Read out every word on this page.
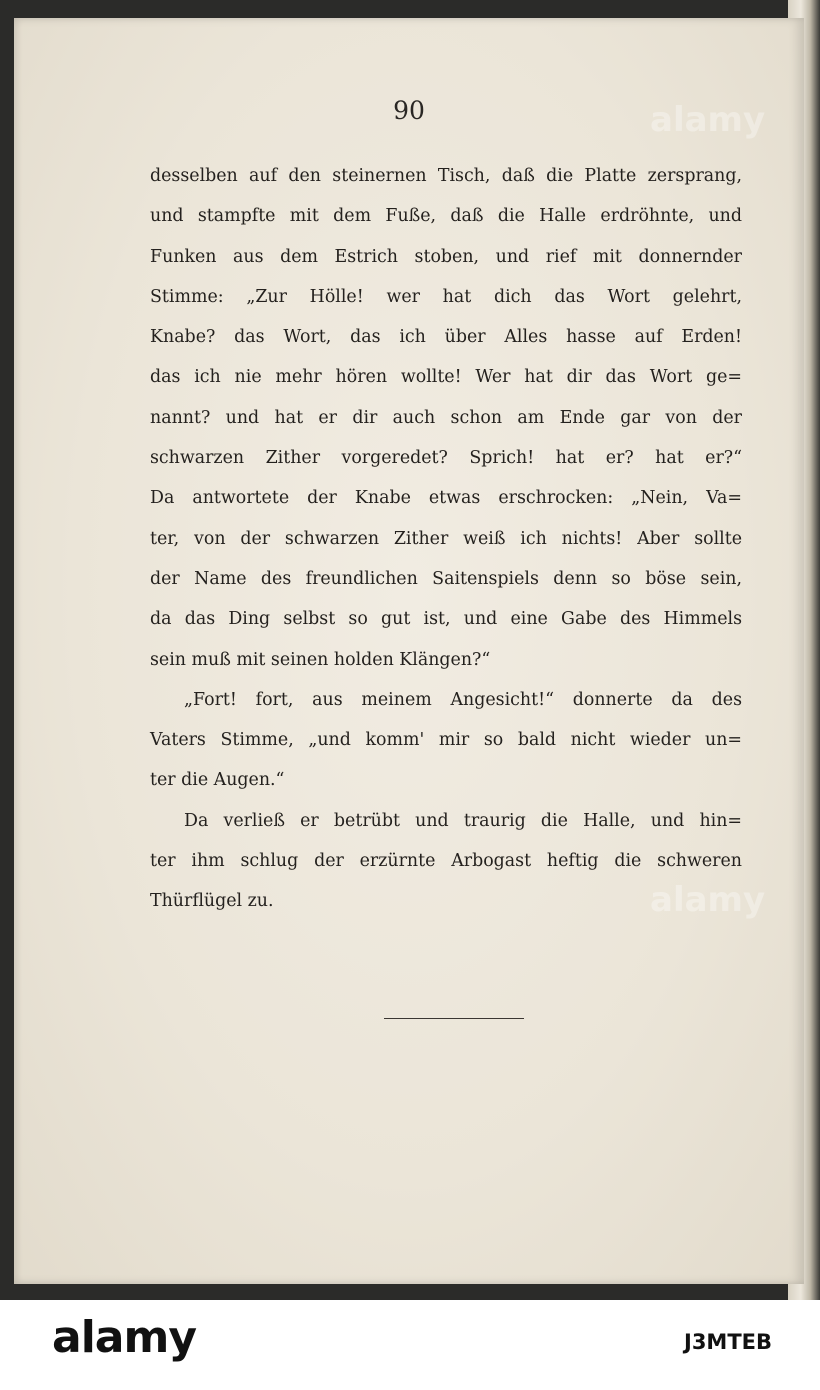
90
desselben auf den steinernen Tisch, daß die Platte zersprang,
und stampfte mit dem Fuße, daß die Halle erdröhnte, und
Funken aus dem Estrich stoben, und rief mit donnernder
Stimme: „Zur Hölle! wer hat dich das Wort gelehrt,
Knabe? das Wort, das ich über Alles hasse auf Erden!
das ich nie mehr hören wollte! Wer hat dir das Wort ge=
nannt? und hat er dir auch schon am Ende gar von der
schwarzen Zither vorgeredet? Sprich! hat er? hat er?“
Da antwortete der Knabe etwas erschrocken: „Nein, Va=
ter, von der schwarzen Zither weiß ich nichts! Aber sollte
der Name des freundlichen Saitenspiels denn so böse sein,
da das Ding selbst so gut ist, und eine Gabe des Himmels
sein muß mit seinen holden Klängen?“
„Fort! fort, aus meinem Angesicht!“ donnerte da des
Vaters Stimme, „und komm' mir so bald nicht wieder un=
ter die Augen.“
Da verließ er betrübt und traurig die Halle, und hin=
ter ihm schlug der erzürnte Arbogast heftig die schweren
Thürflügel zu.
alamy
alamy
alamy	J3MTEB
